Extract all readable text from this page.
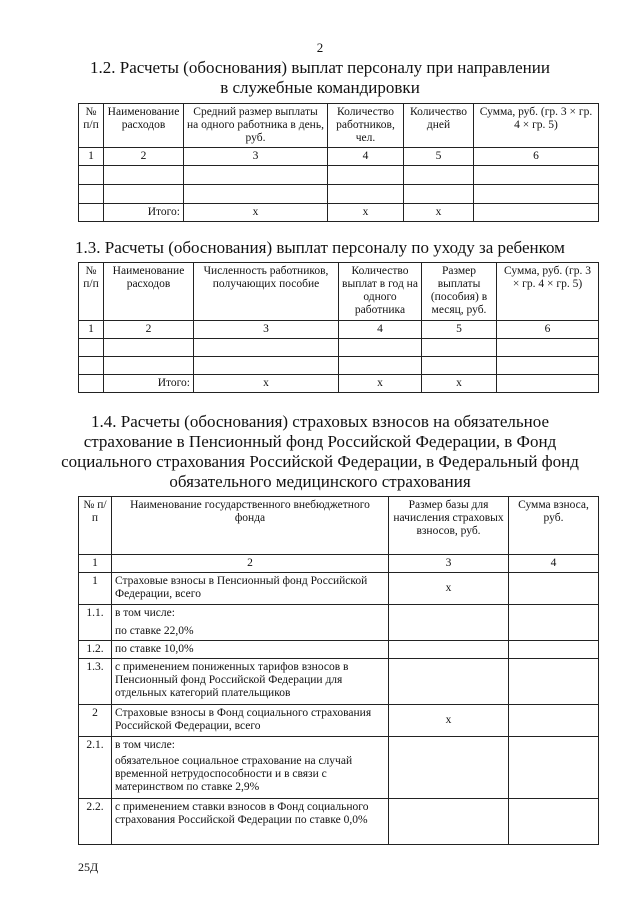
2
1.2. Расчеты (обоснования) выплат персоналу при направлении
в служебные командировки
№ п/п	Наименование расходов	Средний размер выплаты на одного работника в день, руб.	Количество работников, чел.	Количество дней	Сумма, руб. (гр. 3 × гр. 4 × гр. 5)
1	2	3	4	5	6

	Итого:	x	x	x	
1.3. Расчеты (обоснования) выплат персоналу по уходу за ребенком
№ п/п	Наименование расходов	Численность работников, получающих пособие	Количество выплат в год на одного работника	Размер выплаты (пособия) в месяц, руб.	Сумма, руб. (гр. 3 × гр. 4 × гр. 5)
1	2	3	4	5	6

	Итого:	x	x	x	
1.4. Расчеты (обоснования) страховых взносов на обязательное
страхование в Пенсионный фонд Российской Федерации, в Фонд
социального страхования Российской Федерации, в Федеральный фонд
обязательного медицинского страхования
№ п/п	Наименование государственного внебюджетного фонда	Размер базы для начисления страховых взносов, руб.	Сумма взноса, руб.
1	2	3	4
1	Страховые взносы в Пенсионный фонд Российской Федерации, всего	x	
1.1.	в том числе:
по ставке 22,0%		

1.2.	по ставке 10,0%		

1.3.	с применением пониженных тарифов взносов в Пенсионный фонд Российской Федерации для отдельных категорий плательщиков		

2	Страховые взносы в Фонд социального страхования Российской Федерации, всего	x	
2.1.	в том числе:
обязательное социальное страхование на случай временной нетрудоспособности и в связи с материнством по ставке 2,9%		

2.2.	с применением ставки взносов в Фонд социального страхования Российской Федерации по ставке 0,0%		

25Д
